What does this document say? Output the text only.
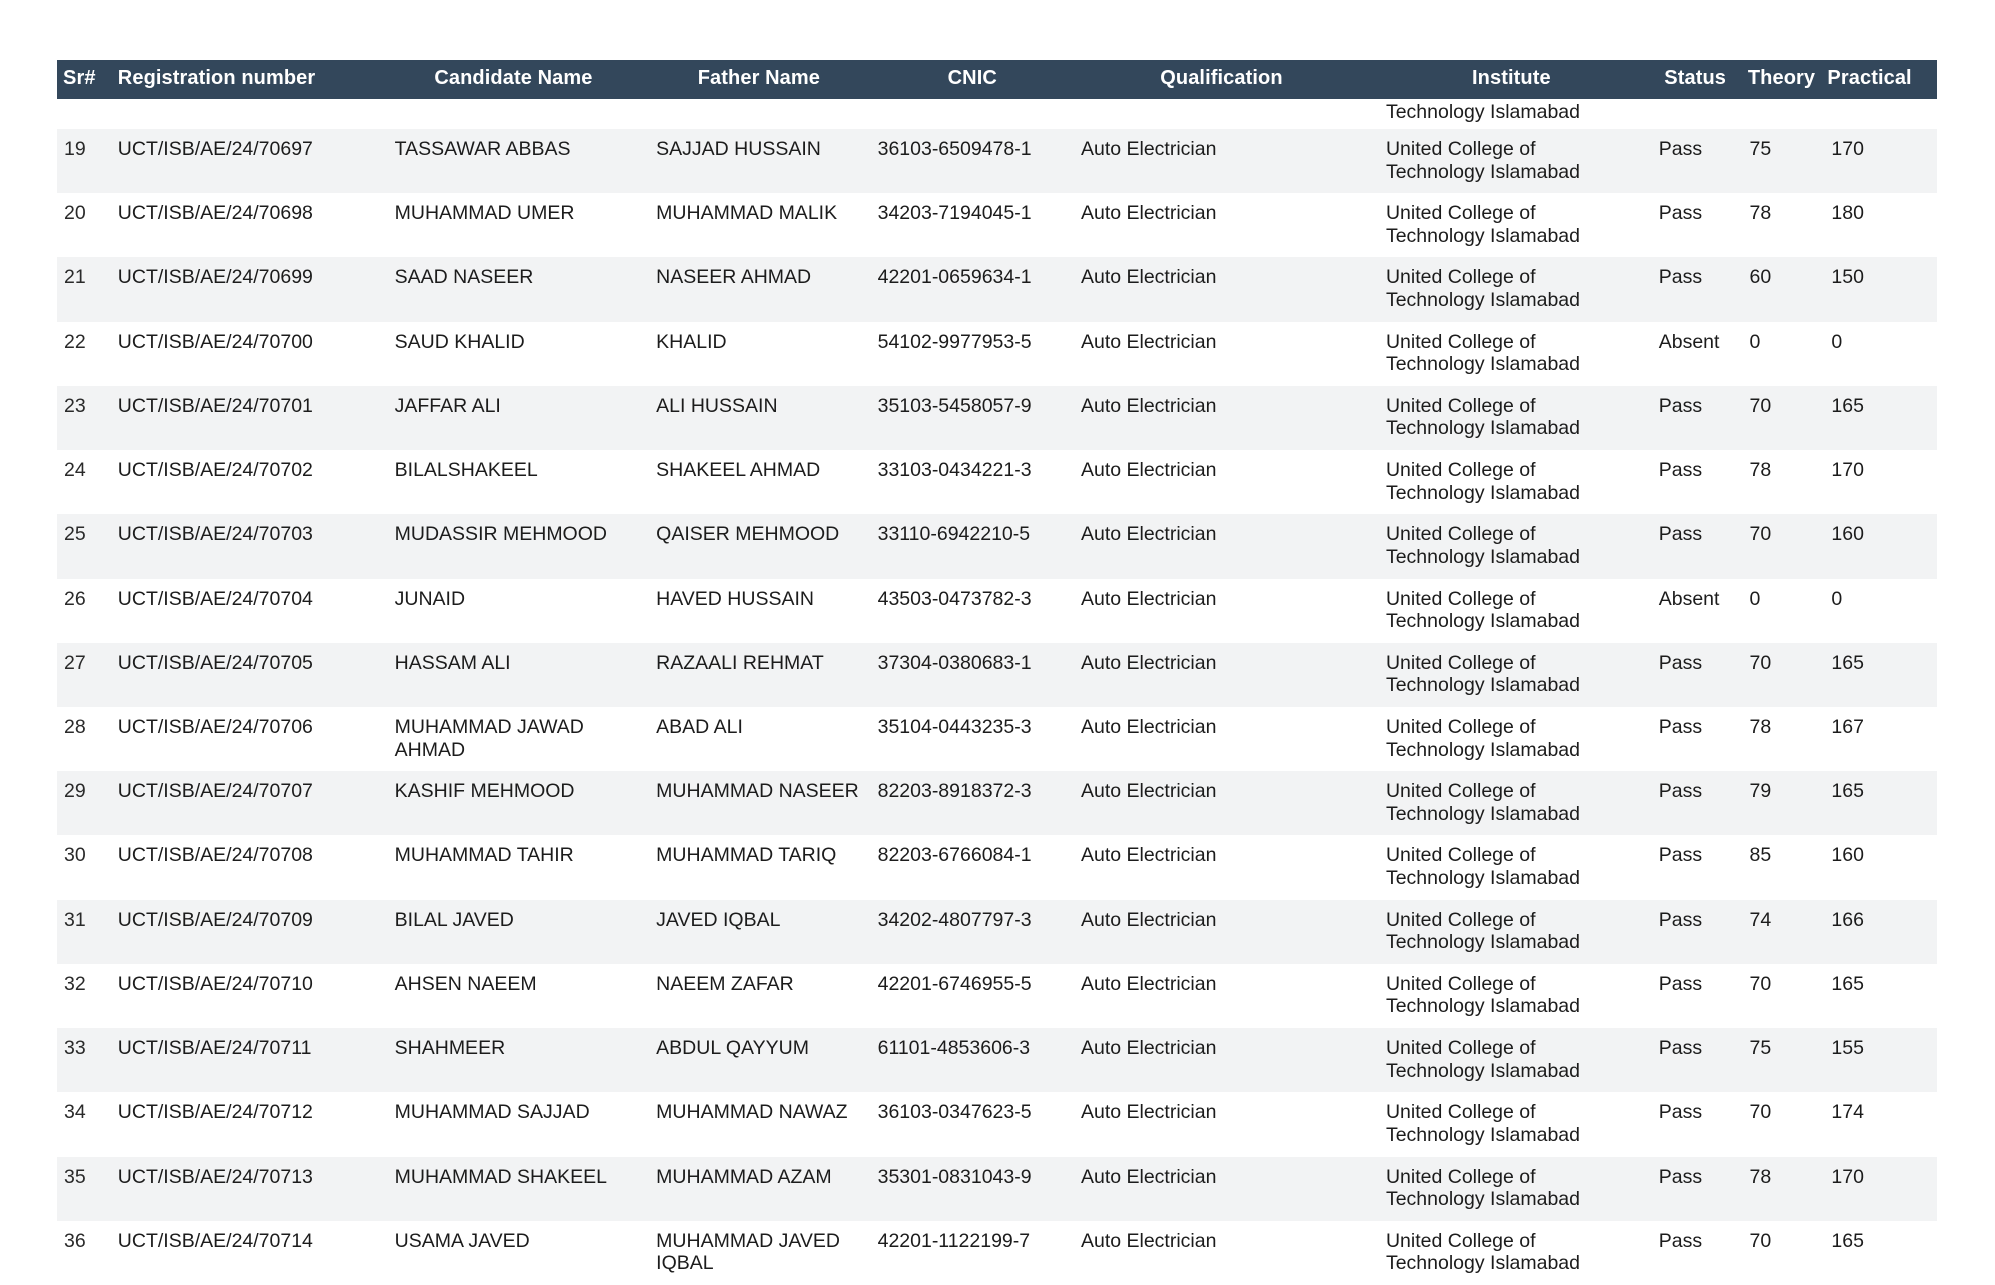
Sr#	Registration number	Candidate Name	Father Name	CNIC	Qualification	Institute	Status	Theory	Practical

						Technology Islamabad			

19	UCT/ISB/AE/24/70697	TASSAWAR ABBAS	SAJJAD HUSSAIN	36103-6509478-1	Auto Electrician	United College of
Technology Islamabad	Pass	75	170
20	UCT/ISB/AE/24/70698	MUHAMMAD UMER	MUHAMMAD MALIK	34203-7194045-1	Auto Electrician	United College of
Technology Islamabad	Pass	78	180
21	UCT/ISB/AE/24/70699	SAAD NASEER	NASEER AHMAD	42201-0659634-1	Auto Electrician	United College of
Technology Islamabad	Pass	60	150
22	UCT/ISB/AE/24/70700	SAUD KHALID	KHALID	54102-9977953-5	Auto Electrician	United College of
Technology Islamabad	Absent	0	0
23	UCT/ISB/AE/24/70701	JAFFAR ALI	ALI HUSSAIN	35103-5458057-9	Auto Electrician	United College of
Technology Islamabad	Pass	70	165
24	UCT/ISB/AE/24/70702	BILALSHAKEEL	SHAKEEL AHMAD	33103-0434221-3	Auto Electrician	United College of
Technology Islamabad	Pass	78	170
25	UCT/ISB/AE/24/70703	MUDASSIR MEHMOOD	QAISER MEHMOOD	33110-6942210-5	Auto Electrician	United College of
Technology Islamabad	Pass	70	160
26	UCT/ISB/AE/24/70704	JUNAID	HAVED HUSSAIN	43503-0473782-3	Auto Electrician	United College of
Technology Islamabad	Absent	0	0
27	UCT/ISB/AE/24/70705	HASSAM ALI	RAZAALI REHMAT	37304-0380683-1	Auto Electrician	United College of
Technology Islamabad	Pass	70	165
28	UCT/ISB/AE/24/70706	MUHAMMAD JAWAD
AHMAD	ABAD ALI	35104-0443235-3	Auto Electrician	United College of
Technology Islamabad	Pass	78	167
29	UCT/ISB/AE/24/70707	KASHIF MEHMOOD	MUHAMMAD NASEER	82203-8918372-3	Auto Electrician	United College of
Technology Islamabad	Pass	79	165
30	UCT/ISB/AE/24/70708	MUHAMMAD TAHIR	MUHAMMAD TARIQ	82203-6766084-1	Auto Electrician	United College of
Technology Islamabad	Pass	85	160
31	UCT/ISB/AE/24/70709	BILAL JAVED	JAVED IQBAL	34202-4807797-3	Auto Electrician	United College of
Technology Islamabad	Pass	74	166
32	UCT/ISB/AE/24/70710	AHSEN NAEEM	NAEEM ZAFAR	42201-6746955-5	Auto Electrician	United College of
Technology Islamabad	Pass	70	165
33	UCT/ISB/AE/24/70711	SHAHMEER	ABDUL QAYYUM	61101-4853606-3	Auto Electrician	United College of
Technology Islamabad	Pass	75	155
34	UCT/ISB/AE/24/70712	MUHAMMAD SAJJAD	MUHAMMAD NAWAZ	36103-0347623-5	Auto Electrician	United College of
Technology Islamabad	Pass	70	174
35	UCT/ISB/AE/24/70713	MUHAMMAD SHAKEEL	MUHAMMAD AZAM	35301-0831043-9	Auto Electrician	United College of
Technology Islamabad	Pass	78	170
36	UCT/ISB/AE/24/70714	USAMA JAVED	MUHAMMAD JAVED
IQBAL	42201-1122199-7	Auto Electrician	United College of
Technology Islamabad	Pass	70	165
